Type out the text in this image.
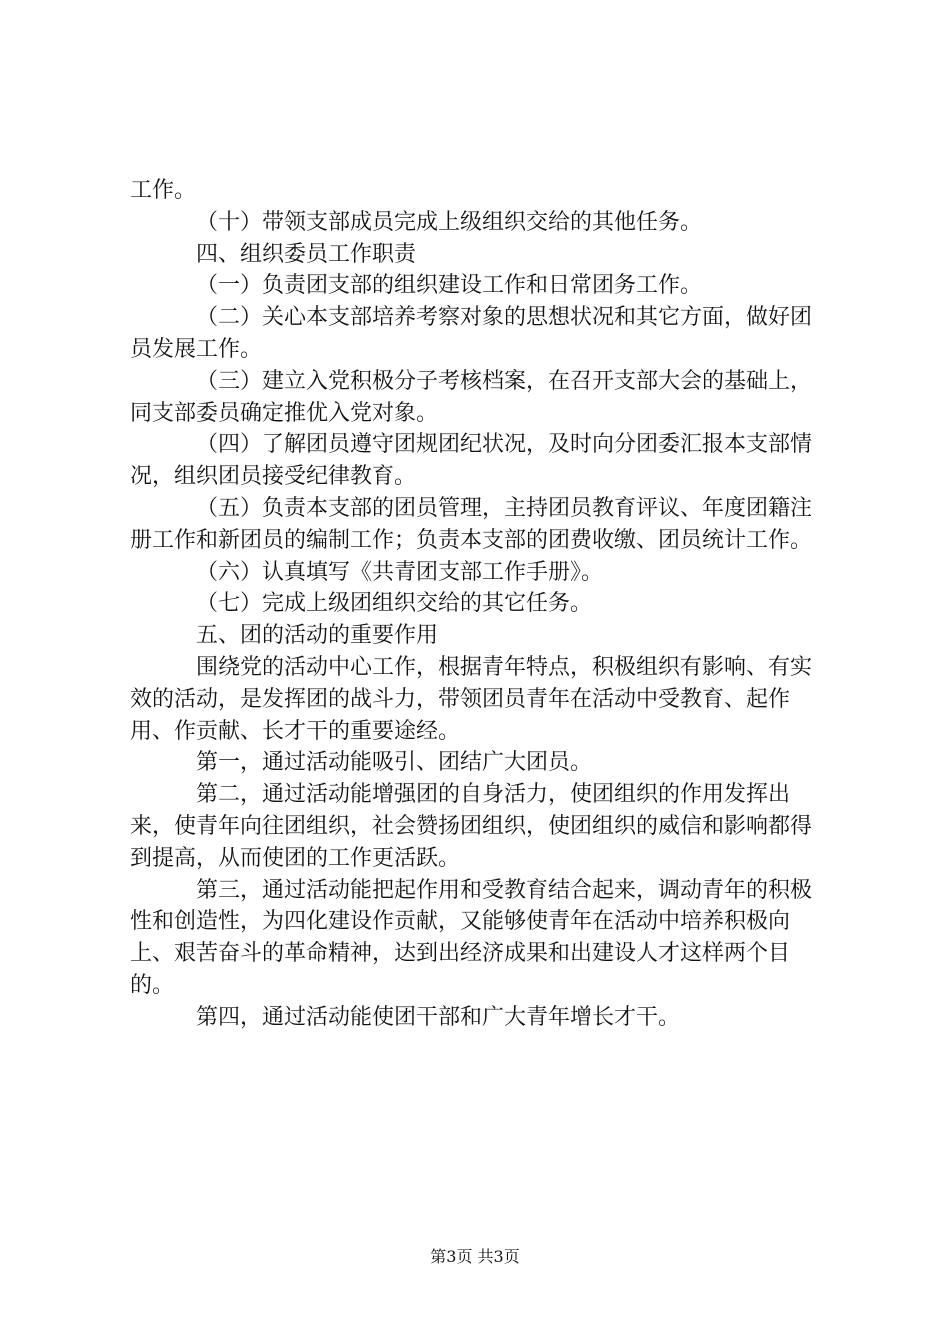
工作。

（十）带领支部成员完成上级组织交给的其他任务。

四、组织委员工作职责

（一）负责团支部的组织建设工作和日常团务工作。

（二）关心本支部培养考察对象的思想状况和其它方面，做好团员发展工作。

（三）建立入党积极分子考核档案，在召开支部大会的基础上，同支部委员确定推优入党对象。

（四）了解团员遵守团规团纪状况，及时向分团委汇报本支部情况，组织团员接受纪律教育。

（五）负责本支部的团员管理，主持团员教育评议、年度团籍注册工作和新团员的编制工作；负责本支部的团费收缴、团员统计工作。

（六）认真填写《共青团支部工作手册》。

（七）完成上级团组织交给的其它任务。

五、团的活动的重要作用

围绕党的活动中心工作，根据青年特点，积极组织有影响、有实效的活动，是发挥团的战斗力，带领团员青年在活动中受教育、起作用、作贡献、长才干的重要途经。

第一，通过活动能吸引、团结广大团员。

第二，通过活动能增强团的自身活力，使团组织的作用发挥出来，使青年向往团组织，社会赞扬团组织，使团组织的威信和影响都得到提高，从而使团的工作更活跃。

第三，通过活动能把起作用和受教育结合起来，调动青年的积极性和创造性，为四化建设作贡献，又能够使青年在活动中培养积极向上、艰苦奋斗的革命精神，达到出经济成果和出建设人才这样两个目的。

第四，通过活动能使团干部和广大青年增长才干。

第3页 共3页
